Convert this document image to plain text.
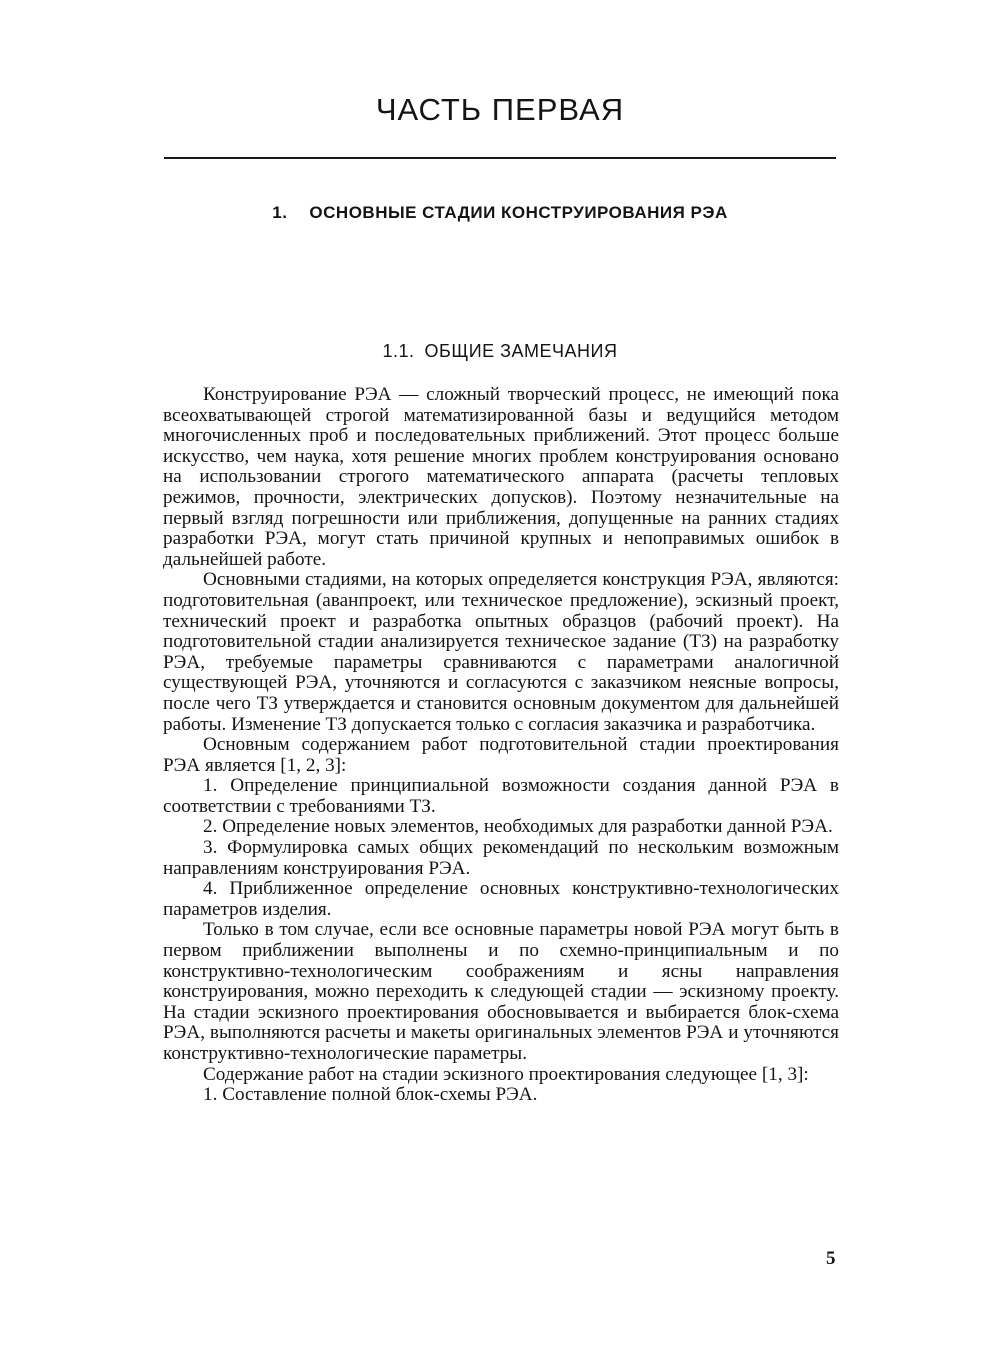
ЧАСТЬ ПЕРВАЯ
1. ОСНОВНЫЕ СТАДИИ КОНСТРУИРОВАНИЯ РЭА
1.1. ОБЩИЕ ЗАМЕЧАНИЯ

Конструирование РЭА — сложный творческий процесс, не имеющий пока всеохватывающей строгой математизированной базы и ведущийся методом многочисленных проб и последовательных приближений. Этот процесс больше искусство, чем наука, хотя решение многих проблем конструирования основано на использовании строгого математического аппарата (расчеты тепловых режимов, прочности, электрических допусков). Поэтому незначительные на первый взгляд погрешности или приближения, допущенные на ранних стадиях разработки РЭА, могут стать причиной крупных и непоправимых ошибок в дальнейшей работе.

Основными стадиями, на которых определяется конструкция РЭА, являются: подготовительная (аванпроект, или техническое предложение), эскизный проект, технический проект и разработка опытных образцов (рабочий проект). На подготовительной стадии анализируется техническое задание (ТЗ) на разработку РЭА, требуемые параметры сравниваются с параметрами аналогичной существующей РЭА, уточняются и согласуются с заказчиком неясные вопросы, после чего ТЗ утверждается и становится основным документом для дальнейшей работы. Изменение ТЗ допускается только с согласия заказчика и разработчика.

Основным содержанием работ подготовительной стадии проектирования РЭА является [1, 2, 3]:

1. Определение принципиальной возможности создания данной РЭА в соответствии с требованиями ТЗ.

2. Определение новых элементов, необходимых для разработки данной РЭА.

3. Формулировка самых общих рекомендаций по нескольким возможным направлениям конструирования РЭА.

4. Приближенное определение основных конструктивно-технологических параметров изделия.

Только в том случае, если все основные параметры новой РЭА могут быть в первом приближении выполнены и по схемно-принципиальным и по конструктивно-технологическим соображениям и ясны направления конструирования, можно переходить к следующей стадии — эскизному проекту. На стадии эскизного проектирования обосновывается и выбирается блок-схема РЭА, выполняются расчеты и макеты оригинальных элементов РЭА и уточняются конструктивно-технологические параметры.

Содержание работ на стадии эскизного проектирования следующее [1, 3]:

1. Составление полной блок-схемы РЭА.

5
